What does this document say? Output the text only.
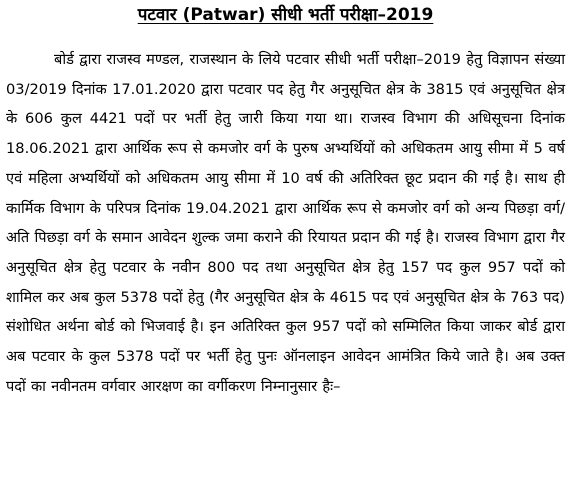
पटवार (Patwar) सीधी भर्ती परीक्षा–2019

बोर्ड द्वारा राजस्व मण्डल, राजस्थान के लिये पटवार सीधी भर्ती परीक्षा–2019 हेतु विज्ञापन संख्या 03/2019 दिनांक 17.01.2020 द्वारा पटवार पद हेतु गैर अनुसूचित क्षेत्र के 3815 एवं अनुसूचित क्षेत्र के 606 कुल 4421 पदों पर भर्ती हेतु जारी किया गया था। राजस्व विभाग की अधिसूचना दिनांक 18.06.2021 द्वारा आर्थिक रूप से कमजोर वर्ग के पुरुष अभ्यर्थियों को अधिकतम आयु सीमा में 5 वर्ष एवं महिला अभ्यर्थियों को अधिकतम आयु सीमा में 10 वर्ष की अतिरिक्त छूट प्रदान की गई है। साथ ही कार्मिक विभाग के परिपत्र दिनांक 19.04.2021 द्वारा आर्थिक रूप से कमजोर वर्ग को अन्य पिछड़ा वर्ग/अति पिछड़ा वर्ग के समान आवेदन शुल्क जमा कराने की रियायत प्रदान की गई है। राजस्व विभाग द्वारा गैर अनुसूचित क्षेत्र हेतु पटवार के नवीन 800 पद तथा अनुसूचित क्षेत्र हेतु 157 पद कुल 957 पदों को शामिल कर अब कुल 5378 पदों हेतु (गैर अनुसूचित क्षेत्र के 4615 पद एवं अनुसूचित क्षेत्र के 763 पद) संशोधित अर्थना बोर्ड को भिजवाई है। इन अतिरिक्त कुल 957 पदों को सम्मिलित किया जाकर बोर्ड द्वारा अब पटवार के कुल 5378 पदों पर भर्ती हेतु पुनः ऑनलाइन आवेदन आमंत्रित किये जाते है। अब उक्त पदों का नवीनतम वर्गवार आरक्षण का वर्गीकरण निम्नानुसार हैः–
